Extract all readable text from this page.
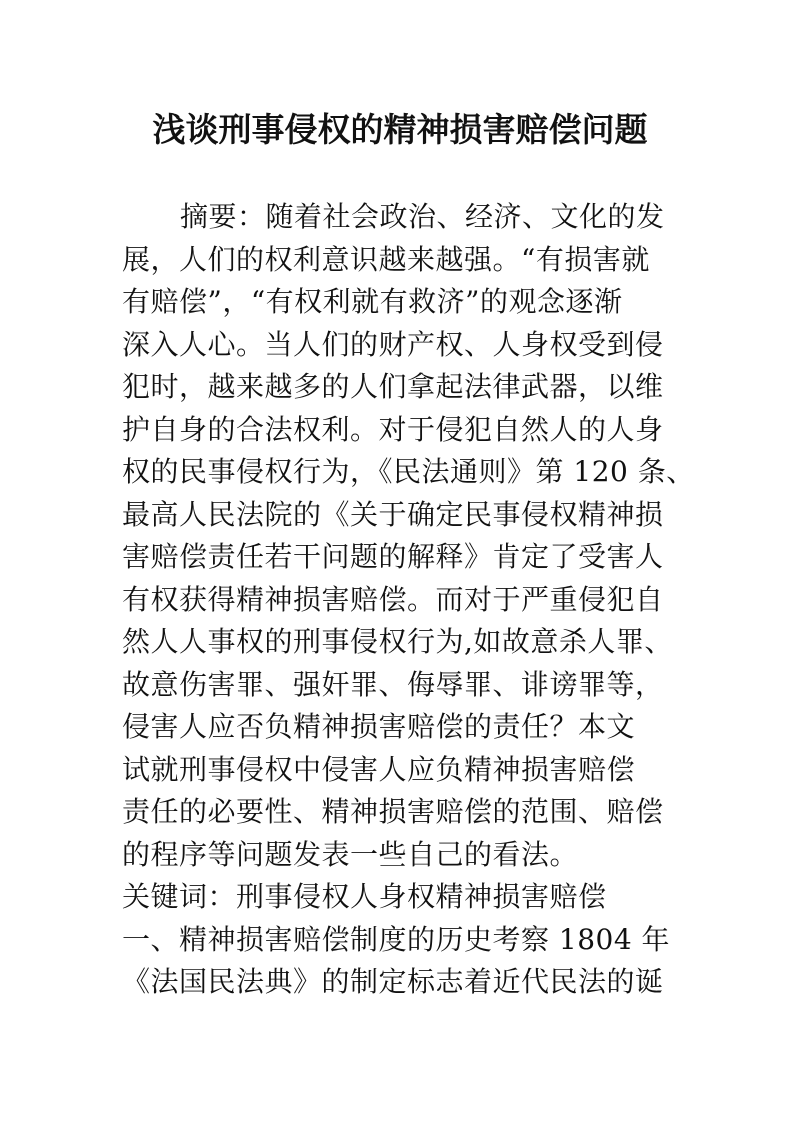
浅谈刑事侵权的精神损害赔偿问题
摘要：随着社会政治、经济、文化的发
展，人们的权利意识越来越强。“有损害就
有赔偿”，“有权利就有救济”的观念逐渐
深入人心。当人们的财产权、人身权受到侵
犯时，越来越多的人们拿起法律武器，以维
护自身的合法权利。对于侵犯自然人的人身
权的民事侵权行为，《民法通则》第 120 条、
最高人民法院的《关于确定民事侵权精神损
害赔偿责任若干问题的解释》肯定了受害人
有权获得精神损害赔偿。而对于严重侵犯自
然人人事权的刑事侵权行为,如故意杀人罪、
故意伤害罪、强奸罪、侮辱罪、诽谤罪等，
侵害人应否负精神损害赔偿的责任？本文
试就刑事侵权中侵害人应负精神损害赔偿
责任的必要性、精神损害赔偿的范围、赔偿
的程序等问题发表一些自己的看法。
关键词：刑事侵权人身权精神损害赔偿
一、精神损害赔偿制度的历史考察 1804 年
《法国民法典》的制定标志着近代民法的诞
